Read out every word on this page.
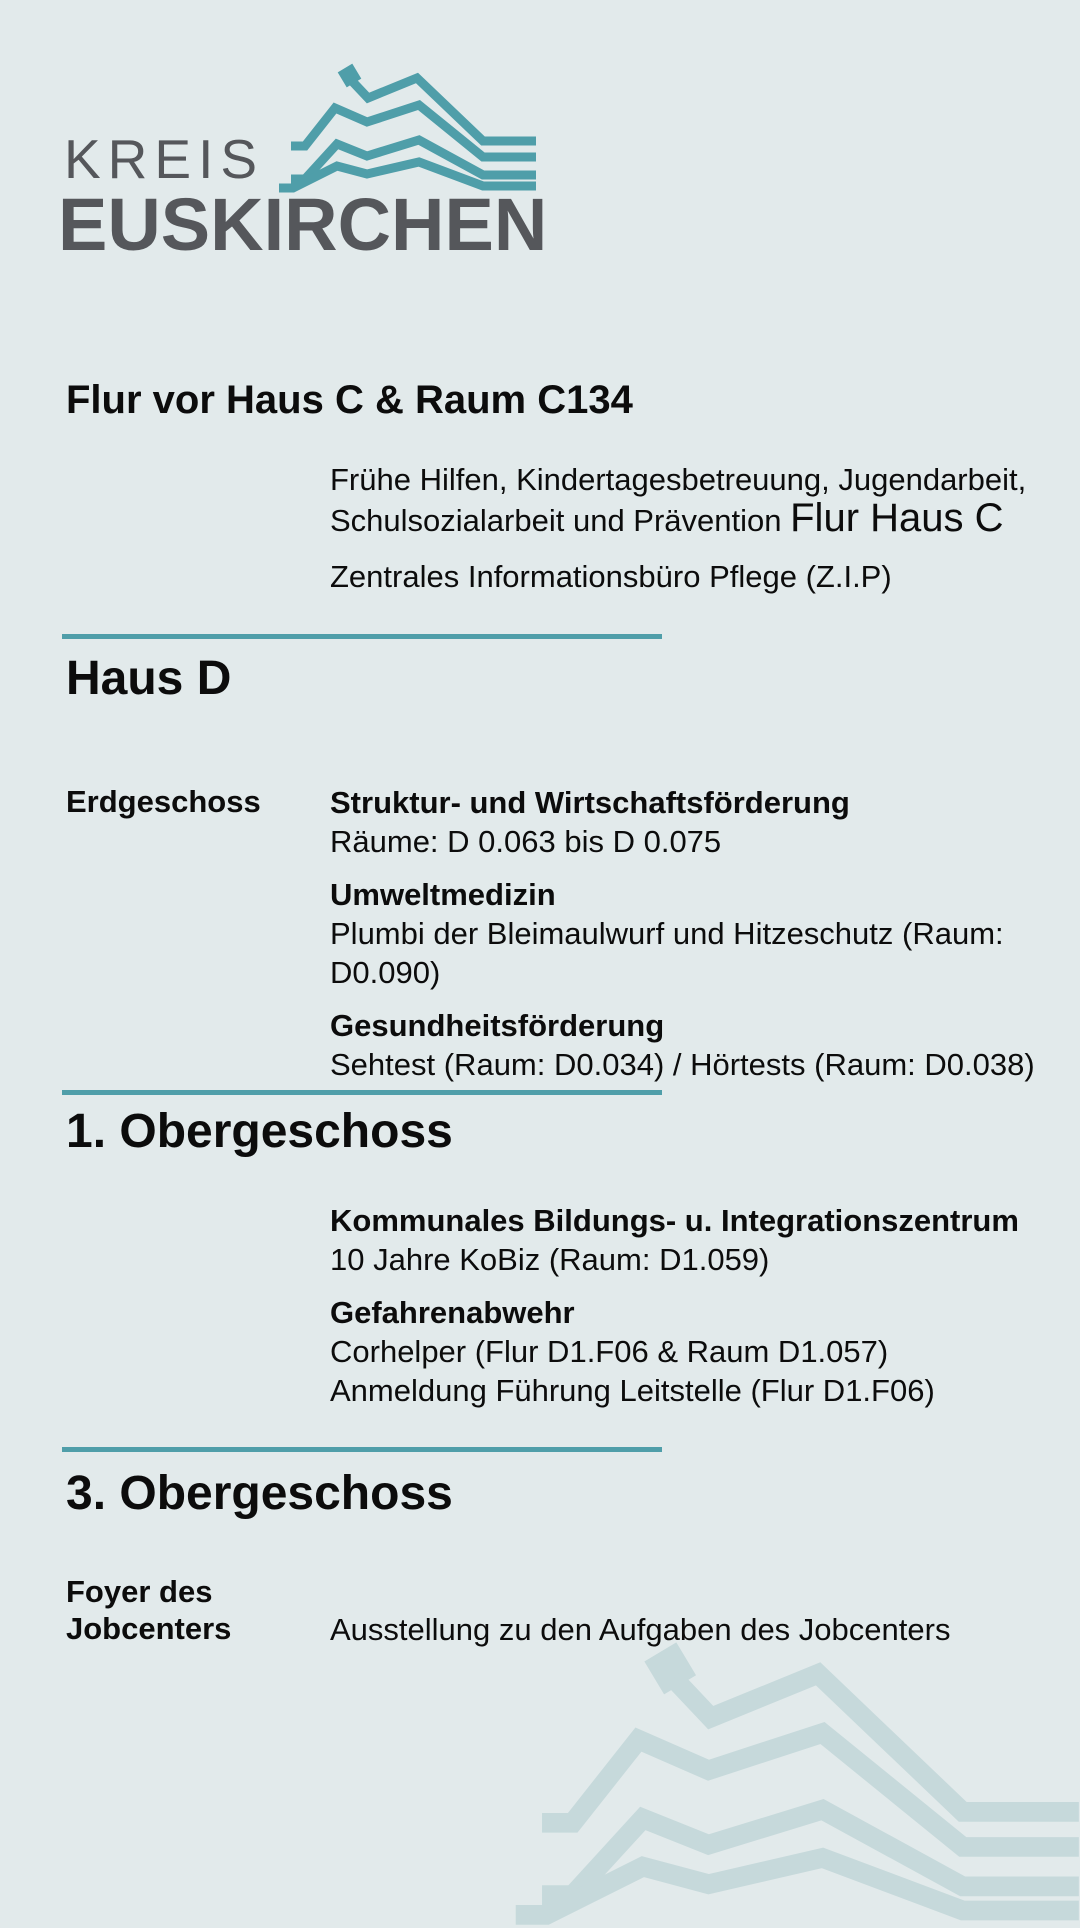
KREIS
EUSKIRCHEN
Flur vor Haus C & Raum C134
Frühe Hilfen, Kindertagesbetreuung, Jugendarbeit,
Schulsozialarbeit und Prävention Flur Haus C
Zentrales Informationsbüro Pflege (Z.I.P)
Haus D
Erdgeschoss Struktur- und Wirtschaftsförderung
Räume: D 0.063 bis D 0.075
Umweltmedizin
Plumbi der Bleimaulwurf und Hitzeschutz (Raum: D0.090)
Gesundheitsförderung
Sehtest (Raum: D0.034) / Hörtests (Raum: D0.038)
1. Obergeschoss
Kommunales Bildungs- u. Integrationszentrum
10 Jahre KoBiz (Raum: D1.059)
Gefahrenabwehr
Corhelper (Flur D1.F06 & Raum D1.057)
Anmeldung Führung Leitstelle (Flur D1.F06)
3. Obergeschoss
Foyer des
Jobcenters	Ausstellung zu den Aufgaben des Jobcenters
